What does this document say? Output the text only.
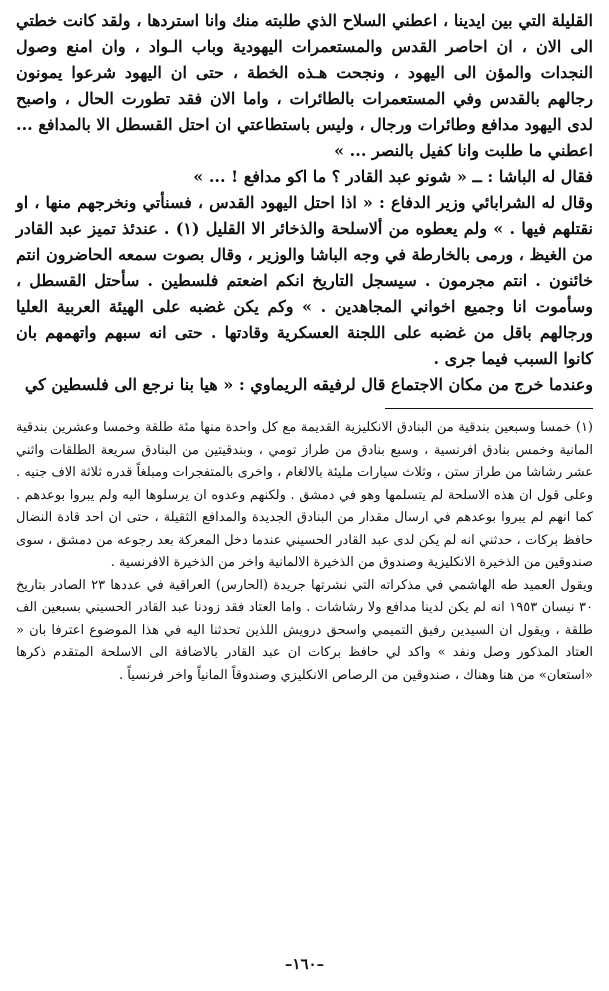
القليلة التي بين ايدينا ، اعطني السلاح الذي طلبته منك وانا استردها ، ولقد كانت خطتي الى الان ، ان احاصر القدس والمستعمرات اليهودية وباب الـواد ، وان امنع وصول النجدات والمؤن الى اليهود ، ونجحت هـذه الخطة ، حتى ان اليهود شرعوا يمونون رجالهم بالقدس وفي المستعمرات بالطائرات ، واما الان فقد تطورت الحال ، واصبح لدى اليهود مدافع وطائرات ورجال ، وليس باستطاعتي ان احتل القسطل الا بالمدافع ... اعطني ما طلبت وانا كفيل بالنصر ... »

فقال له الباشا : ــ « شونو عبد القادر ؟ ما اكو مدافع ! ... »

وقال له الشرابائي وزير الدفاع : « اذا احتل اليهود القدس ، فسنأتي ونخرجهم منها ، او نقتلهم فيها . » ولم يعطوه من ألاسلحة والذخائر الا القليل (١) . عندئذ تميز عبد القادر من الغيظ ، ورمى بالخارطة في وجه الباشا والوزير ، وقال بصوت سمعه الحاضرون انتم خائنون . انتم مجرمون . سيسجل التاريخ انكم اضعتم فلسطين . سأحتل القسطل ، وسأموت انا وجميع اخواني المجاهدين . » وكم يكن غضبه على الهيئة العربية العليا ورجالهم باقل من غضبه على اللجنة العسكرية وقادتها . حتى انه سبهم واتهمهم بان كانوا السبب فيما جرى .

وعندما خرج من مكان الاجتماع قال لرفيقه الريماوي : « هيا بنا نرجع الى فلسطين كي

(١) خمسا وسبعين بندقية من البنادق الانكليزية القديمة مع كل واحدة منها مئة طلقة وخمسا وعشرين بندقية المانية وخمس بنادق افرنسية ، وسبع بنادق من طراز تومي ، وبندقيتين من البنادق سريعة الطلقات واثني عشر رشاشا من طراز ستن ، وثلاث سيارات مليئة بالالغام ، واخرى بالمتفجرات ومبلغاً قدره ثلاثة الاف جنيه . وعلى قول ان هذه الاسلحة لم يتسلمها وهو في دمشق . ولكنهم وعدوه ان يرسلوها اليه ولم يبروا بوعدهم . كما انهم لم يبروا بوعدهم في ارسال مقدار من البنادق الجديدة والمدافع الثقيلة ، حتى ان احد قادة النضال حافظ بركات ، حدثني انه لم يكن لدى عبد القادر الحسيني عندما دخل المعركة بعد رجوعه من دمشق ، سوى صندوقين من الذخيرة الانكليزية وصندوق من الذخيرة الالمانية واخر من الذخيرة الافرنسية .

ويقول العميد طه الهاشمي في مذكراته التي نشرتها جريدة (الحارس) العراقية في عددها ٢٣ الصادر بتاريخ ٣٠ نيسان ١٩٥٣ انه لم يكن لدينا مدافع ولا رشاشات . واما العتاد فقد زودنا عبد القادر الحسيني بسبعين الف طلقة ، ويقول ان السيدين رفيق التميمي واسحق درويش اللذين تحدثنا اليه في هذا الموضوع اعترفا بان « العتاد المذكور وصل ونفد » واكد لي حافظ بركات ان عبد القادر بالاضافة الى الاسلحة المتقدم ذكرها «استعان» من هنا وهناك ، صندوقين من الرصاص الانكليزي وصندوقاً المانياً واخر فرنسياً .

–١٦٠–
